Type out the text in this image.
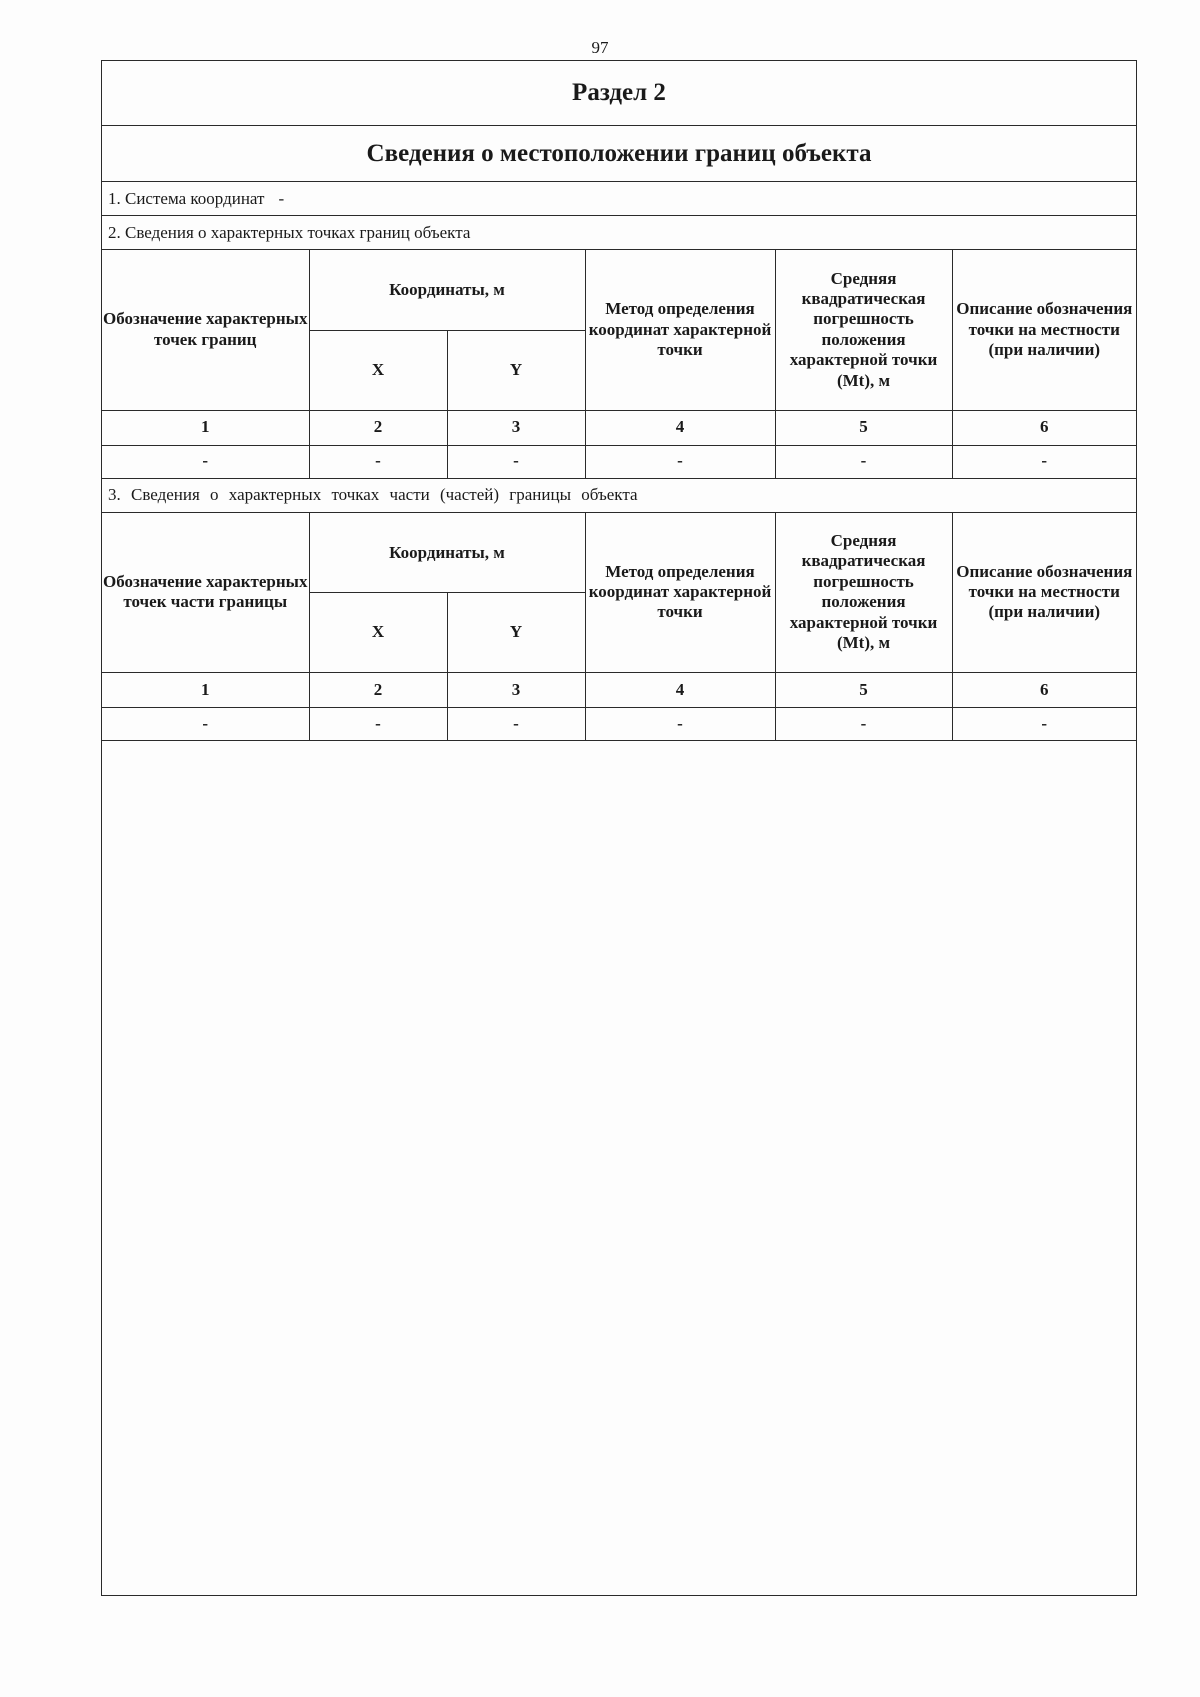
97
Раздел 2
Сведения о местоположении границ объекта
1. Система координат -
2. Сведения о характерных точках границ объекта
Обозначение характерных точек границ	Координаты, м		Метод определения координат характерной точки	Средняя квадратическая погрешность положения характерной точки (Mt), м	Описание обозначения точки на местности (при наличии)
	X	Y			
1	2	3	4	5	6
-	-	-	-	-	-
3. Сведения о характерных точках части (частей) границы объекта
Обозначение характерных точек части границы	Координаты, м		Метод определения координат характерной точки	Средняя квадратическая погрешность положения характерной точки (Mt), м	Описание обозначения точки на местности (при наличии)
	X	Y			
1	2	3	4	5	6
-	-	-	-	-	-
